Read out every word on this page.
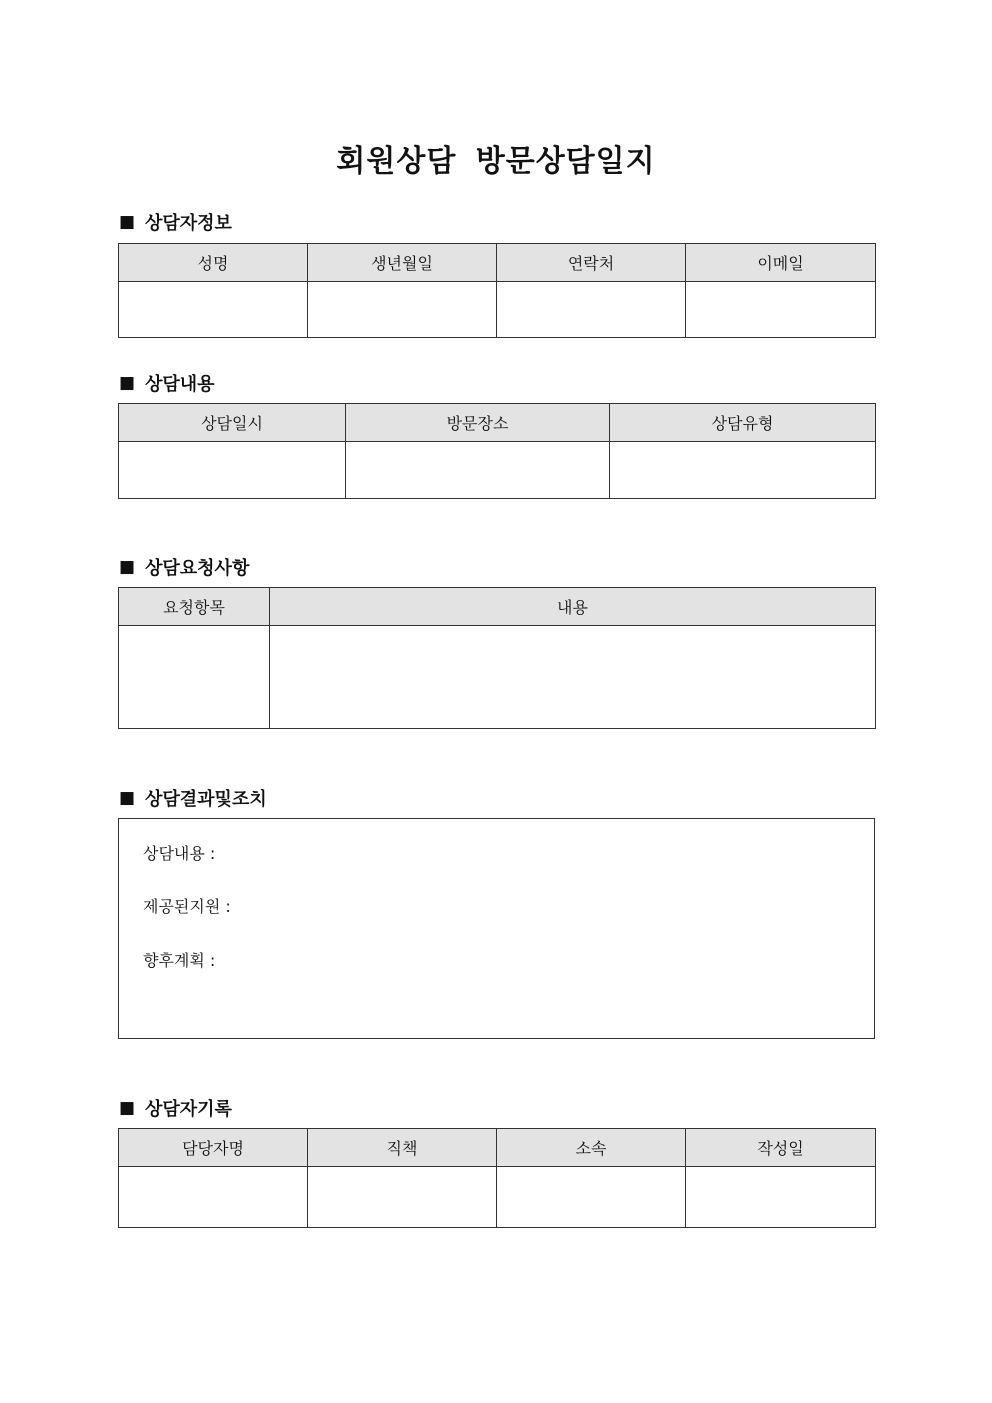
회원상담 방문상담일지
■ 상담자정보
성명	생년월일	연락처	이메일

■ 상담내용
상담일시	방문장소	상담유형

■ 상담요청사항
요청항목	내용

■ 상담결과및조치
상담내용 :
제공된지원 :
향후계획 :
■ 상담자기록
담당자명	직책	소속	작성일
